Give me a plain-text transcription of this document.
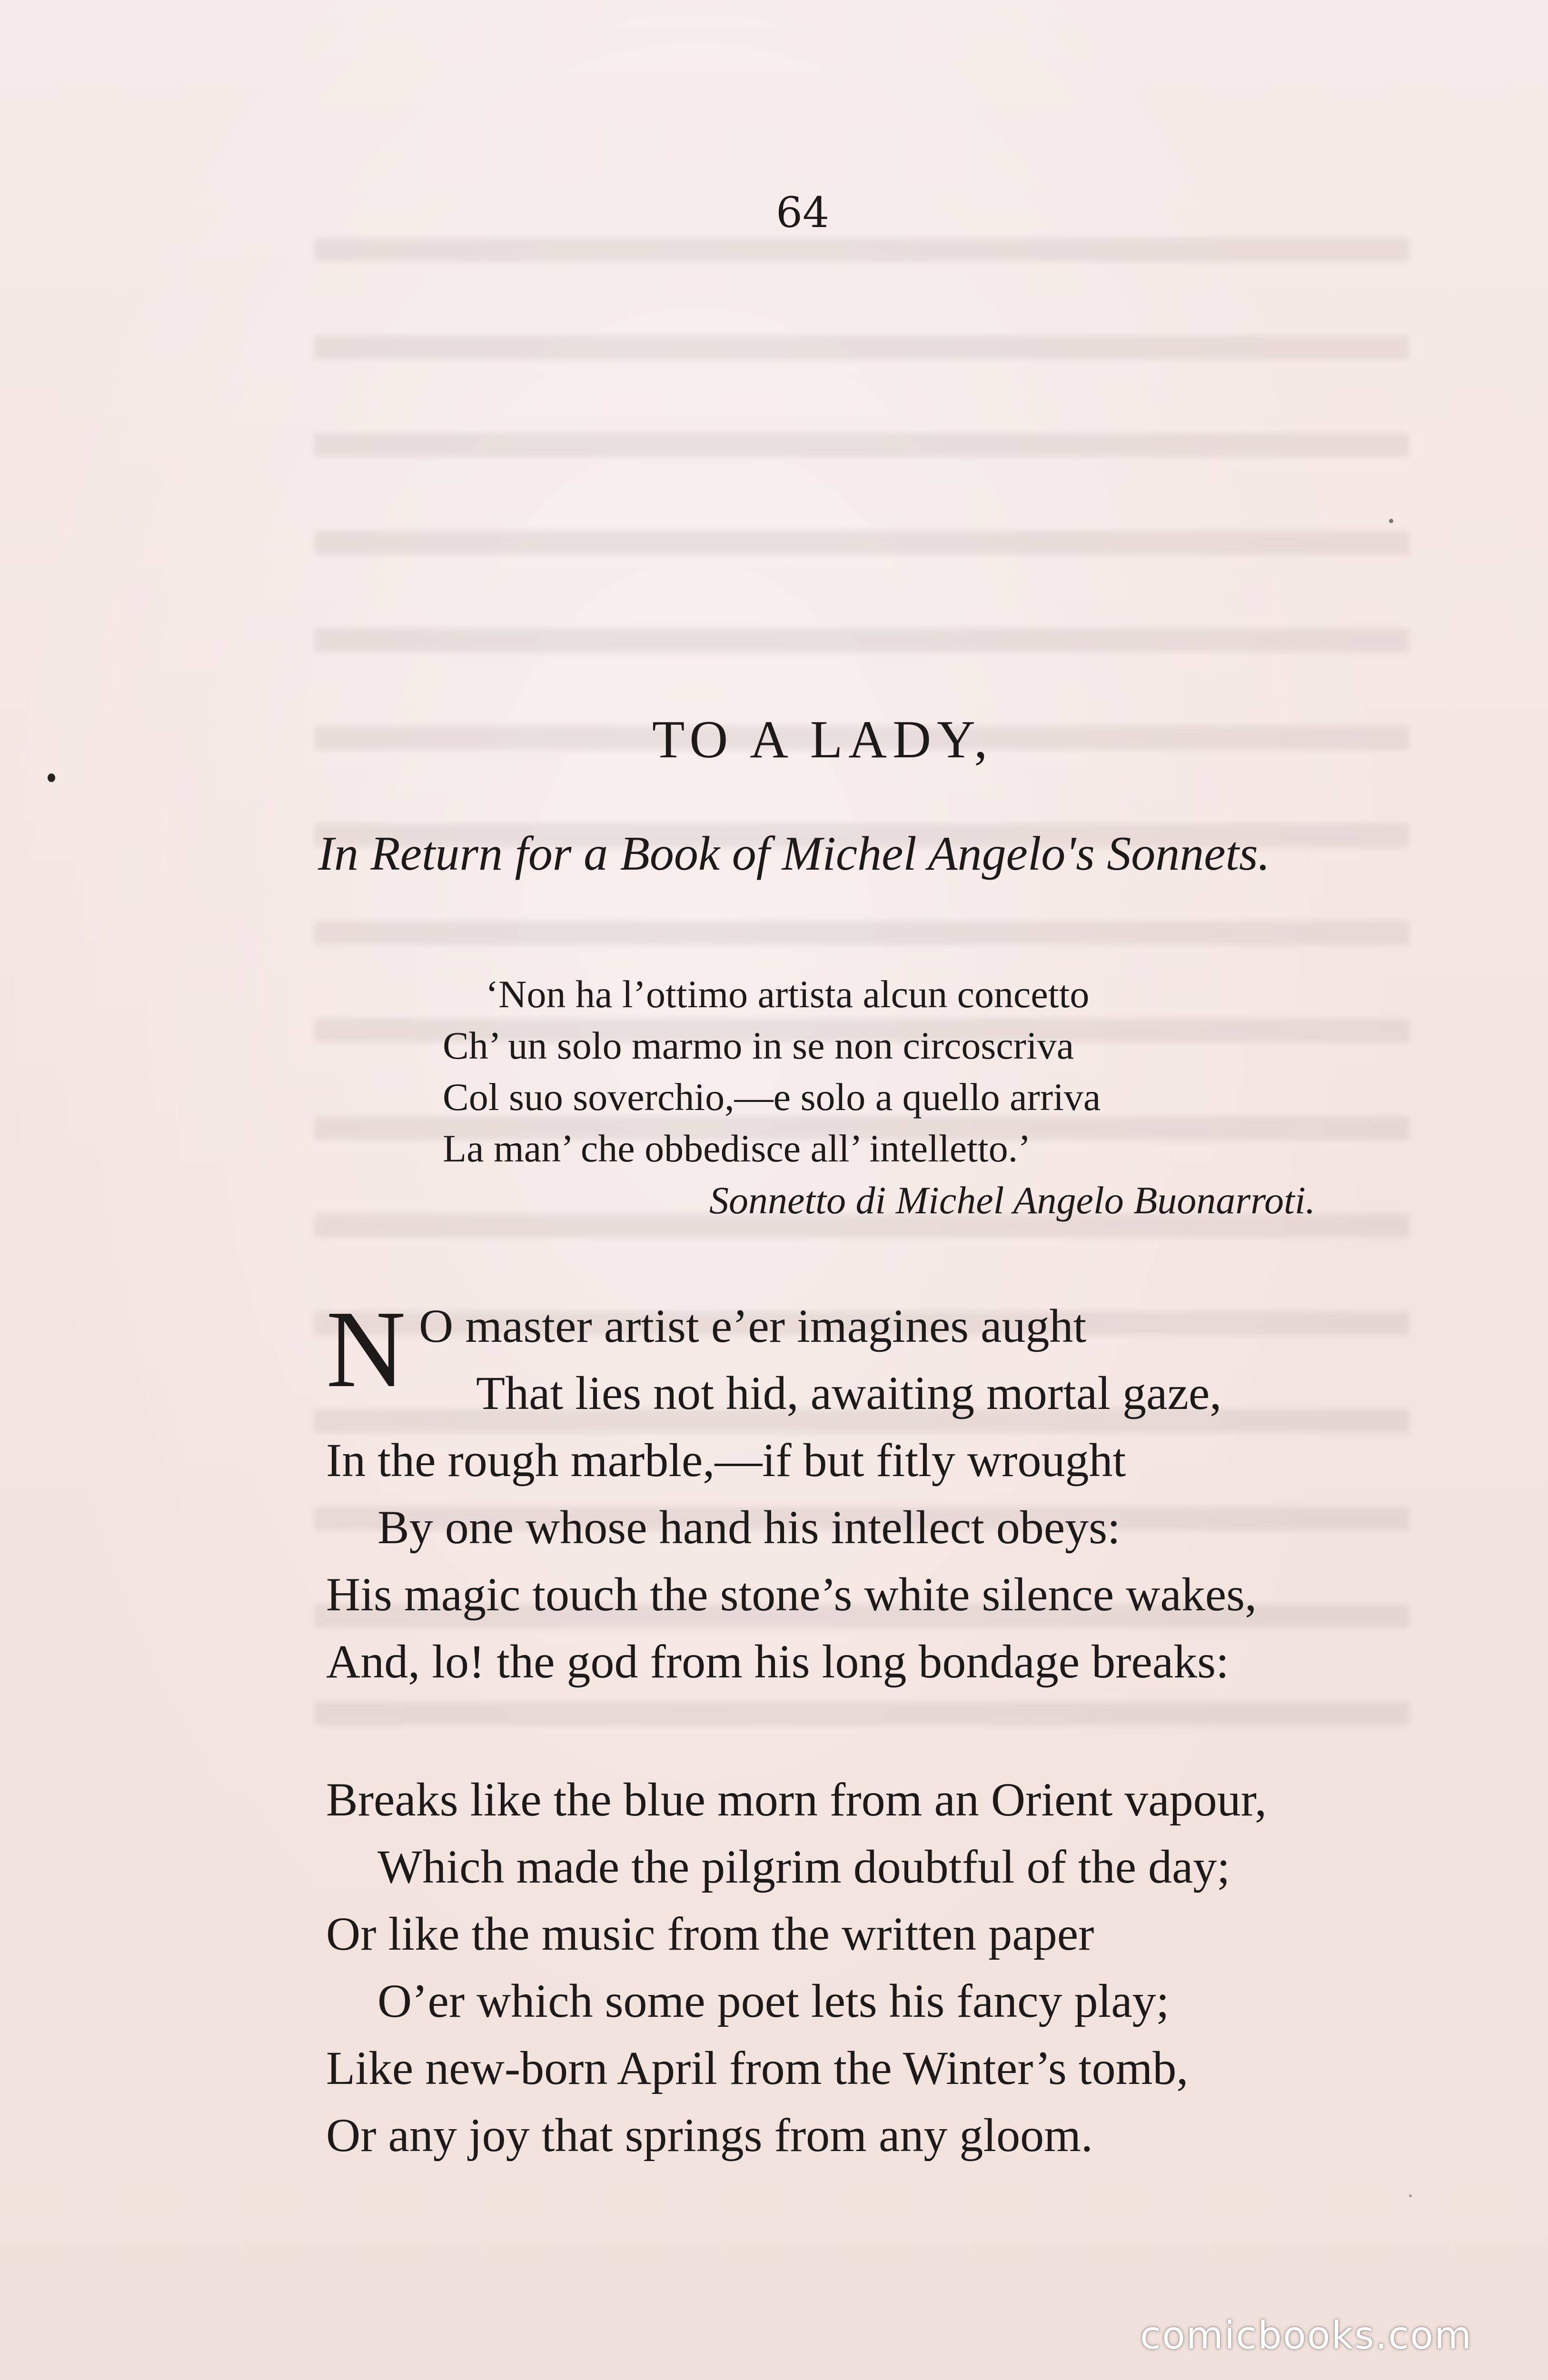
64
TO A LADY,
In Return for a Book of Michel Angelo's Sonnets.
‘Non ha l’ottimo artista alcun concetto
Ch’ un solo marmo in se non circoscriva
Col suo soverchio,—e solo a quello arriva
La man’ che obbedisce all’ intelletto.’
Sonnetto di Michel Angelo Buonarroti.
N O master artist e’er imagines aught
That lies not hid, awaiting mortal gaze,
In the rough marble,—if but fitly wrought
By one whose hand his intellect obeys:
His magic touch the stone’s white silence wakes,
And, lo! the god from his long bondage breaks:
Breaks like the blue morn from an Orient vapour,
Which made the pilgrim doubtful of the day;
Or like the music from the written paper
O’er which some poet lets his fancy play;
Like new-born April from the Winter’s tomb,
Or any joy that springs from any gloom.
comicbooks.com
